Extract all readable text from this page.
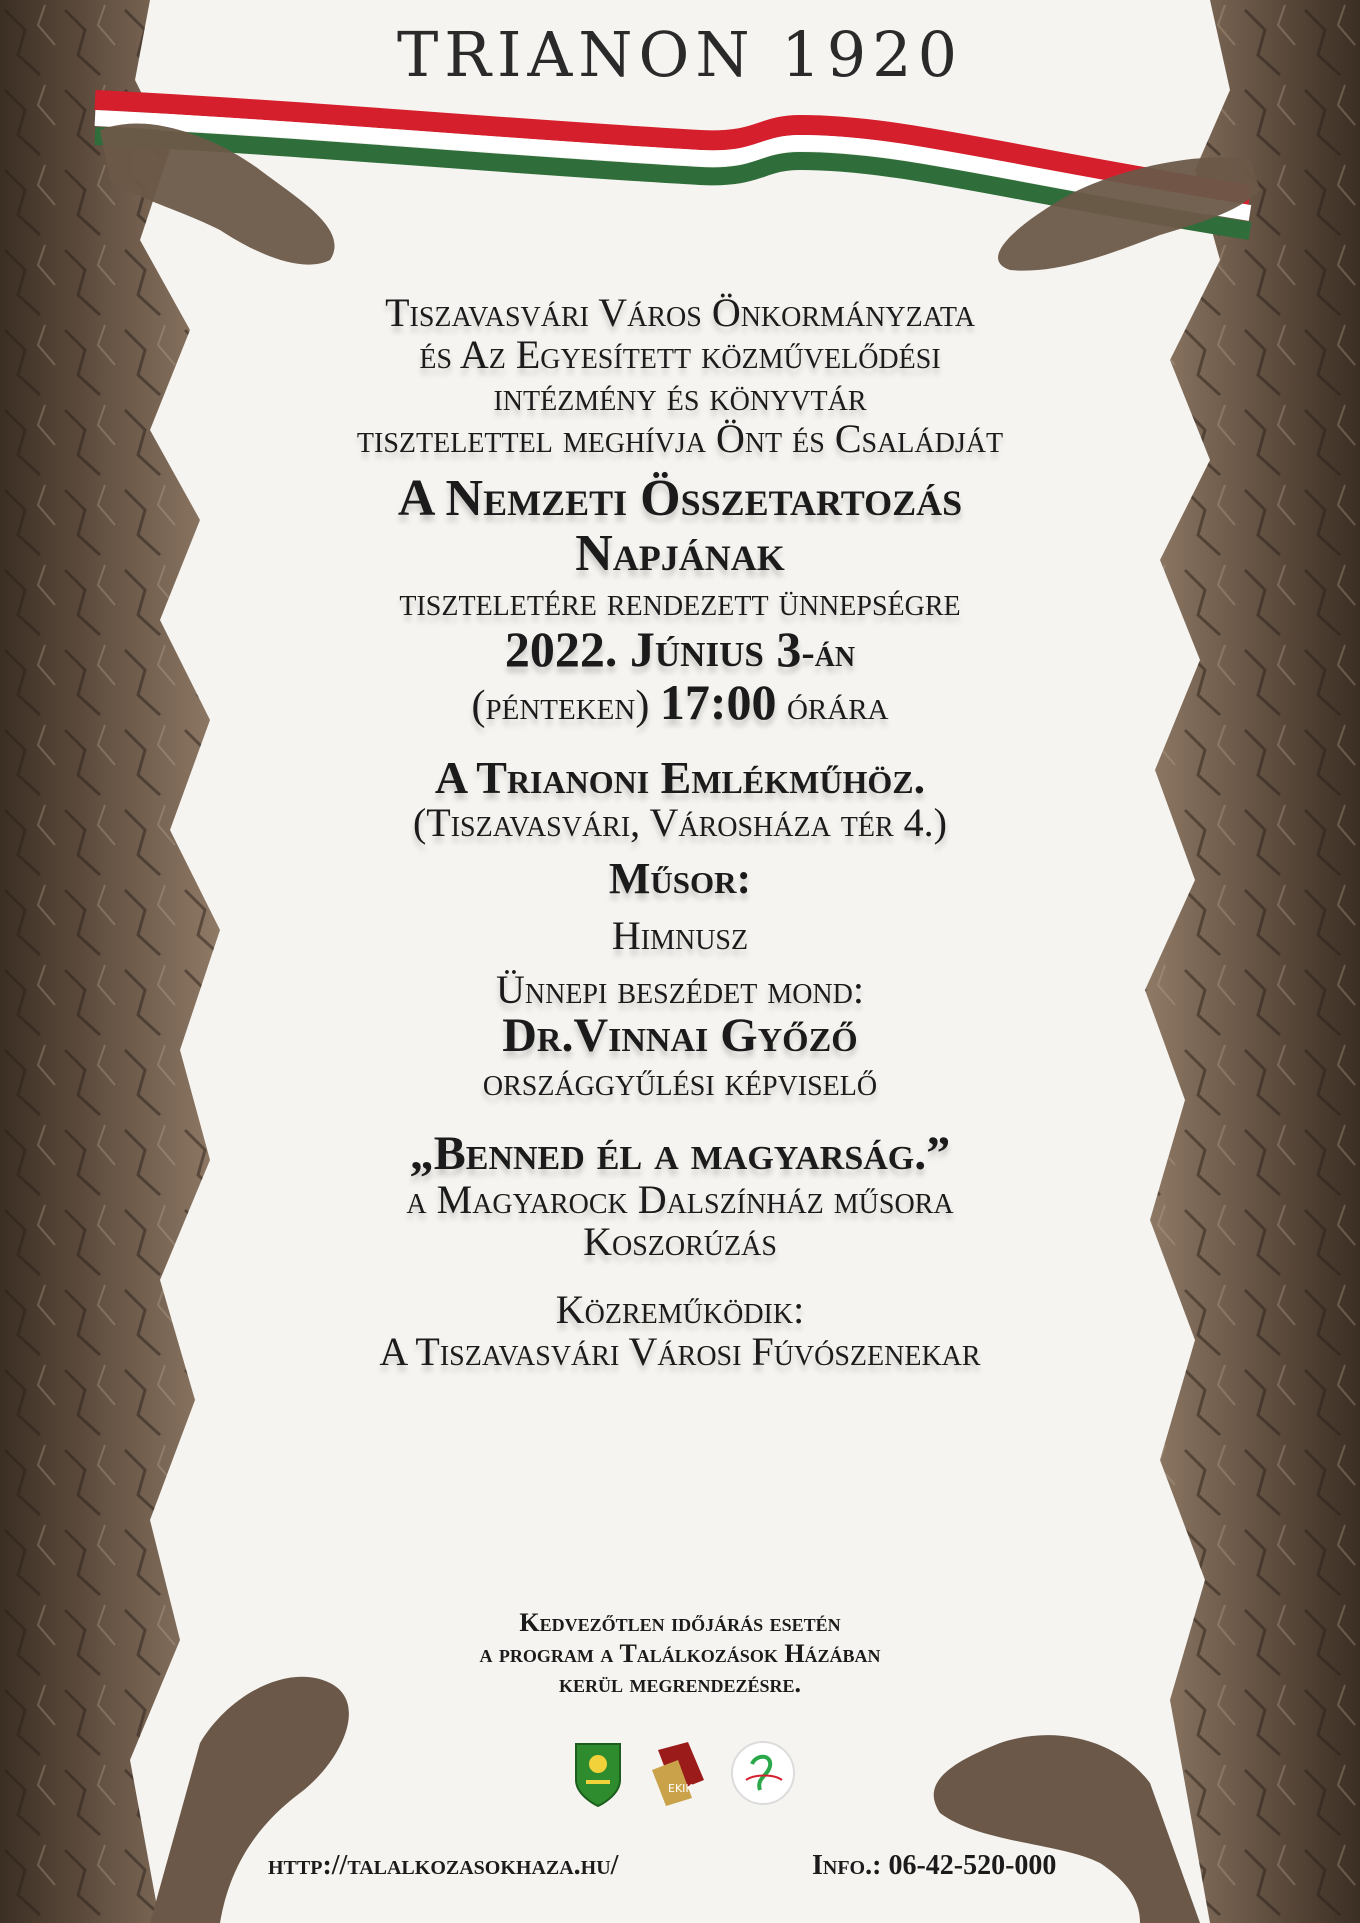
TRIANON 1920

Tiszavasvári Város Önkormányzata

és Az Egyesített közművelődési

intézmény és könyvtár

tisztelettel meghívja Önt és Családját

A Nemzeti Összetartozás

Napjának

tiszteletére rendezett ünnepségre

2022. Június 3-án

(pénteken) 17:00 órára

A Trianoni Emlékműhöz.

(Tiszavasvári, Városháza tér 4.)

Műsor:

Himnusz

Ünnepi beszédet mond:

Dr.Vinnai Győző

országgyűlési képviselő

„Benned él a magyarság.”

a Magyarock Dalszínház műsora

Koszorúzás

Közreműködik:

A Tiszavasvári Városi Fúvószenekar

Kedvezőtlen időjárás esetén
a program a Találkozások Házában
kerül megrendezésre.
EKIK
http://talalkozasokhaza.hu/	Info.: 06-42-520-000
